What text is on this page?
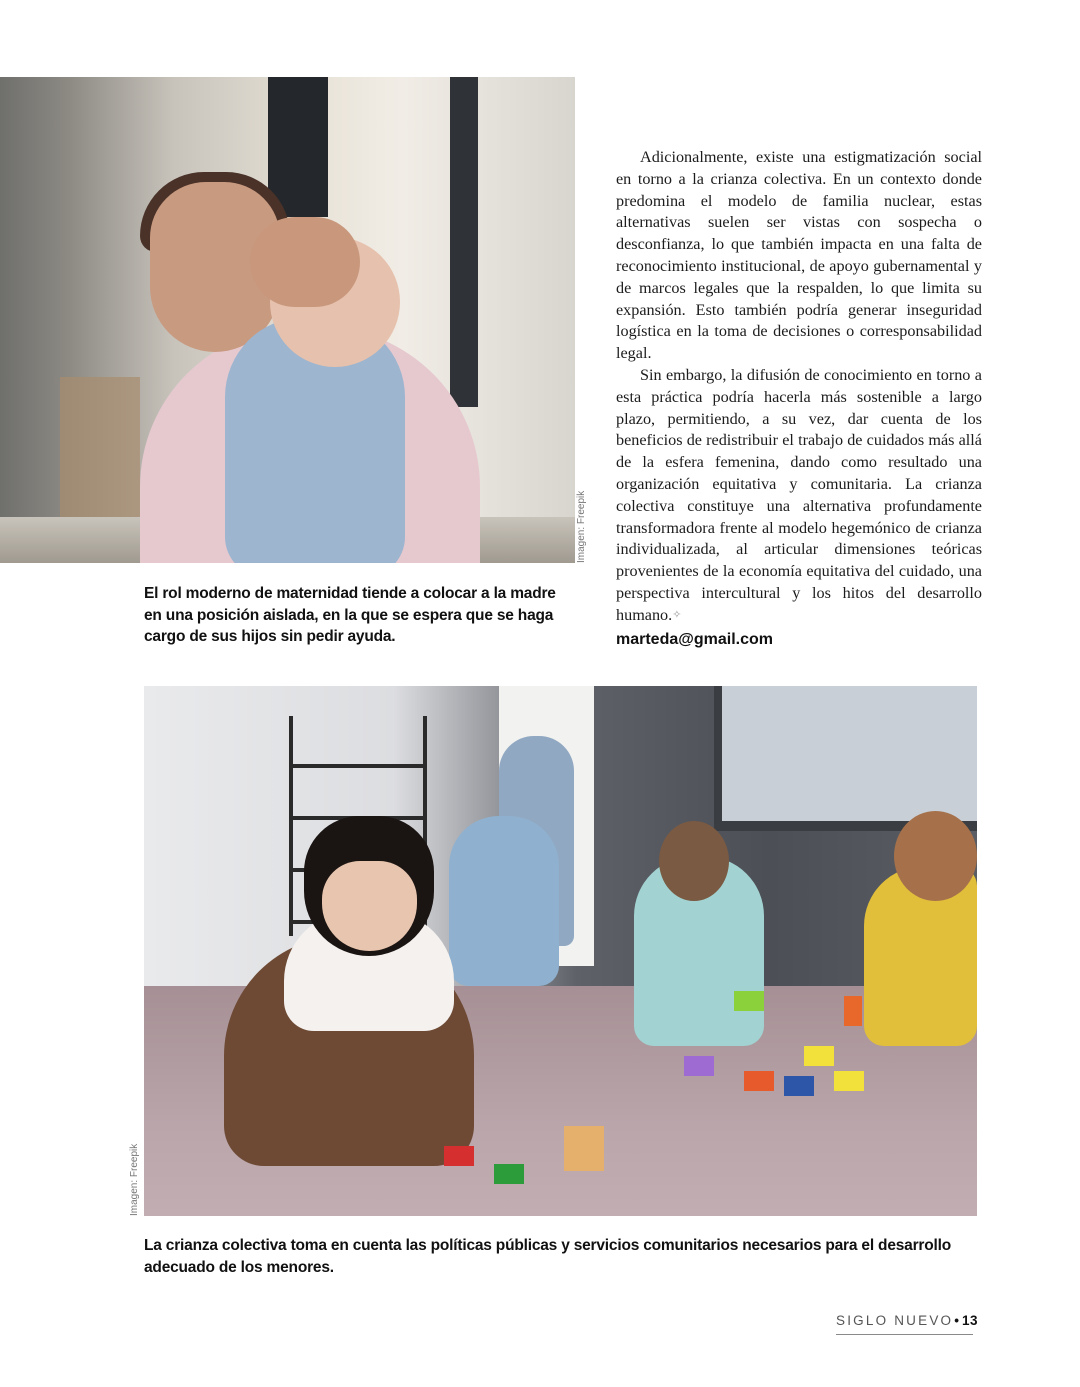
Imagen: Freepik
El rol moderno de maternidad tiende a colocar a la madre en una posición aislada, en la que se espera que se haga cargo de sus hijos sin pedir ayuda.

Adicionalmente, existe una estigmatización social en torno a la crianza colectiva. En un contexto donde predomina el modelo de familia nuclear, estas alternativas suelen ser vistas con sospecha o desconfianza, lo que también impacta en una falta de reconocimiento institucional, de apoyo gubernamental y de marcos legales que la respalden, lo que limita su expansión. Esto también podría generar inseguridad logística en la toma de decisiones o corresponsabilidad legal.

Sin embargo, la difusión de conocimiento en torno a esta práctica podría hacerla más sostenible a largo plazo, permitiendo, a su vez, dar cuenta de los beneficios de redistribuir el trabajo de cuidados más allá de la esfera femenina, dando como resultado una organización equitativa y comunitaria. La crianza colectiva constituye una alternativa profundamente transformadora frente al modelo hegemónico de crianza individualizada, al articular dimensiones teóricas provenientes de la economía equitativa del cuidado, una perspectiva intercultural y los hitos del desarrollo humano.✧

marteda@gmail.com
Imagen: Freepik
La crianza colectiva toma en cuenta las políticas públicas y servicios comunitarios necesarios para el desarrollo adecuado de los menores.
SIGLO NUEVO• 13
